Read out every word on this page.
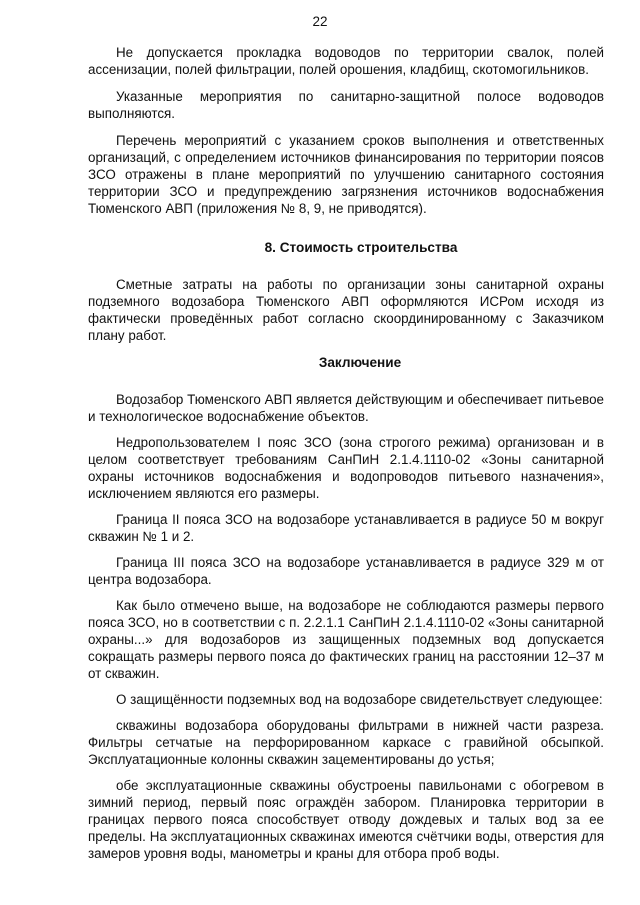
22

Не допускается прокладка водоводов по территории свалок, полей ассенизации, полей фильтрации, полей орошения, кладбищ, скотомогильников.

Указанные мероприятия по санитарно-защитной полосе водоводов выполняются.

Перечень мероприятий с указанием сроков выполнения и ответственных организаций, с определением источников финансирования по территории поясов ЗСО отражены в плане мероприятий по улучшению санитарного состояния территории ЗСО и предупреждению загрязнения источников водоснабжения Тюменского АВП (приложения № 8, 9, не приводятся).

8. Стоимость строительства

Сметные затраты на работы по организации зоны санитарной охраны подземного водозабора Тюменского АВП оформляются ИСРом исходя из фактически проведённых работ согласно скоординированному с Заказчиком плану работ.

Заключение

Водозабор Тюменского АВП является действующим и обеспечивает питьевое и технологическое водоснабжение объектов.

Недропользователем I пояс ЗСО (зона строгого режима) организован и в целом соответствует требованиям СанПиН 2.1.4.1110-02 «Зоны санитарной охраны источников водоснабжения и водопроводов питьевого назначения», исключением являются его размеры.

Граница II пояса ЗСО на водозаборе устанавливается в радиусе 50 м вокруг скважин № 1 и 2.

Граница III пояса ЗСО на водозаборе устанавливается в радиусе 329 м от центра водозабора.

Как было отмечено выше, на водозаборе не соблюдаются размеры первого пояса ЗСО, но в соответствии с п. 2.2.1.1 СанПиН 2.1.4.1110-02 «Зоны санитарной охраны...» для водозаборов из защищенных подземных вод допускается сокращать размеры первого пояса до фактических границ на расстоянии 12–37 м от скважин.

О защищённости подземных вод на водозаборе свидетельствует следующее:

скважины водозабора оборудованы фильтрами в нижней части разреза. Фильтры сетчатые на перфорированном каркасе с гравийной обсыпкой. Эксплуатационные колонны скважин зацементированы до устья;

обе эксплуатационные скважины обустроены павильонами с обогревом в зимний период, первый пояс ограждён забором. Планировка территории в границах первого пояса способствует отводу дождевых и талых вод за ее пределы. На эксплуатационных скважинах имеются счётчики воды, отверстия для замеров уровня воды, манометры и краны для отбора проб воды.
